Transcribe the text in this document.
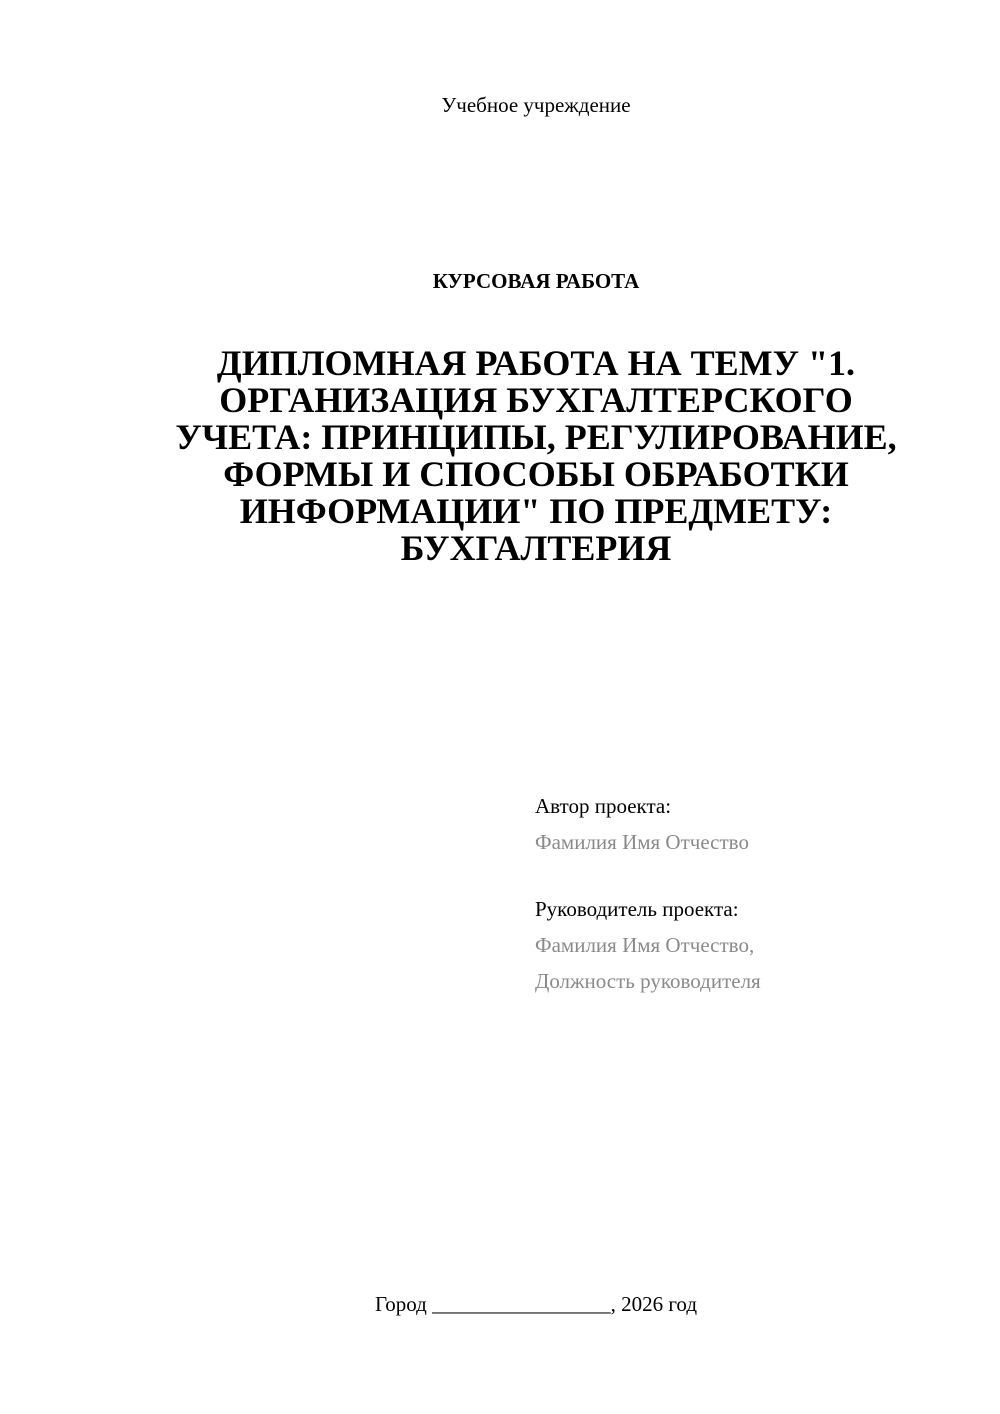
Учебное учреждение
КУРСОВАЯ РАБОТА
ДИПЛОМНАЯ РАБОТА НА ТЕМУ "1. ОРГАНИЗАЦИЯ БУХГАЛТЕРСКОГО УЧЕТА: ПРИНЦИПЫ, РЕГУЛИРОВАНИЕ, ФОРМЫ И СПОСОБЫ ОБРАБОТКИ ИНФОРМАЦИИ" ПО ПРЕДМЕТУ: БУХГАЛТЕРИЯ
Автор проекта:
Фамилия Имя Отчество
Руководитель проекта:
Фамилия Имя Отчество,
Должность руководителя
Город _________________, 2026 год
